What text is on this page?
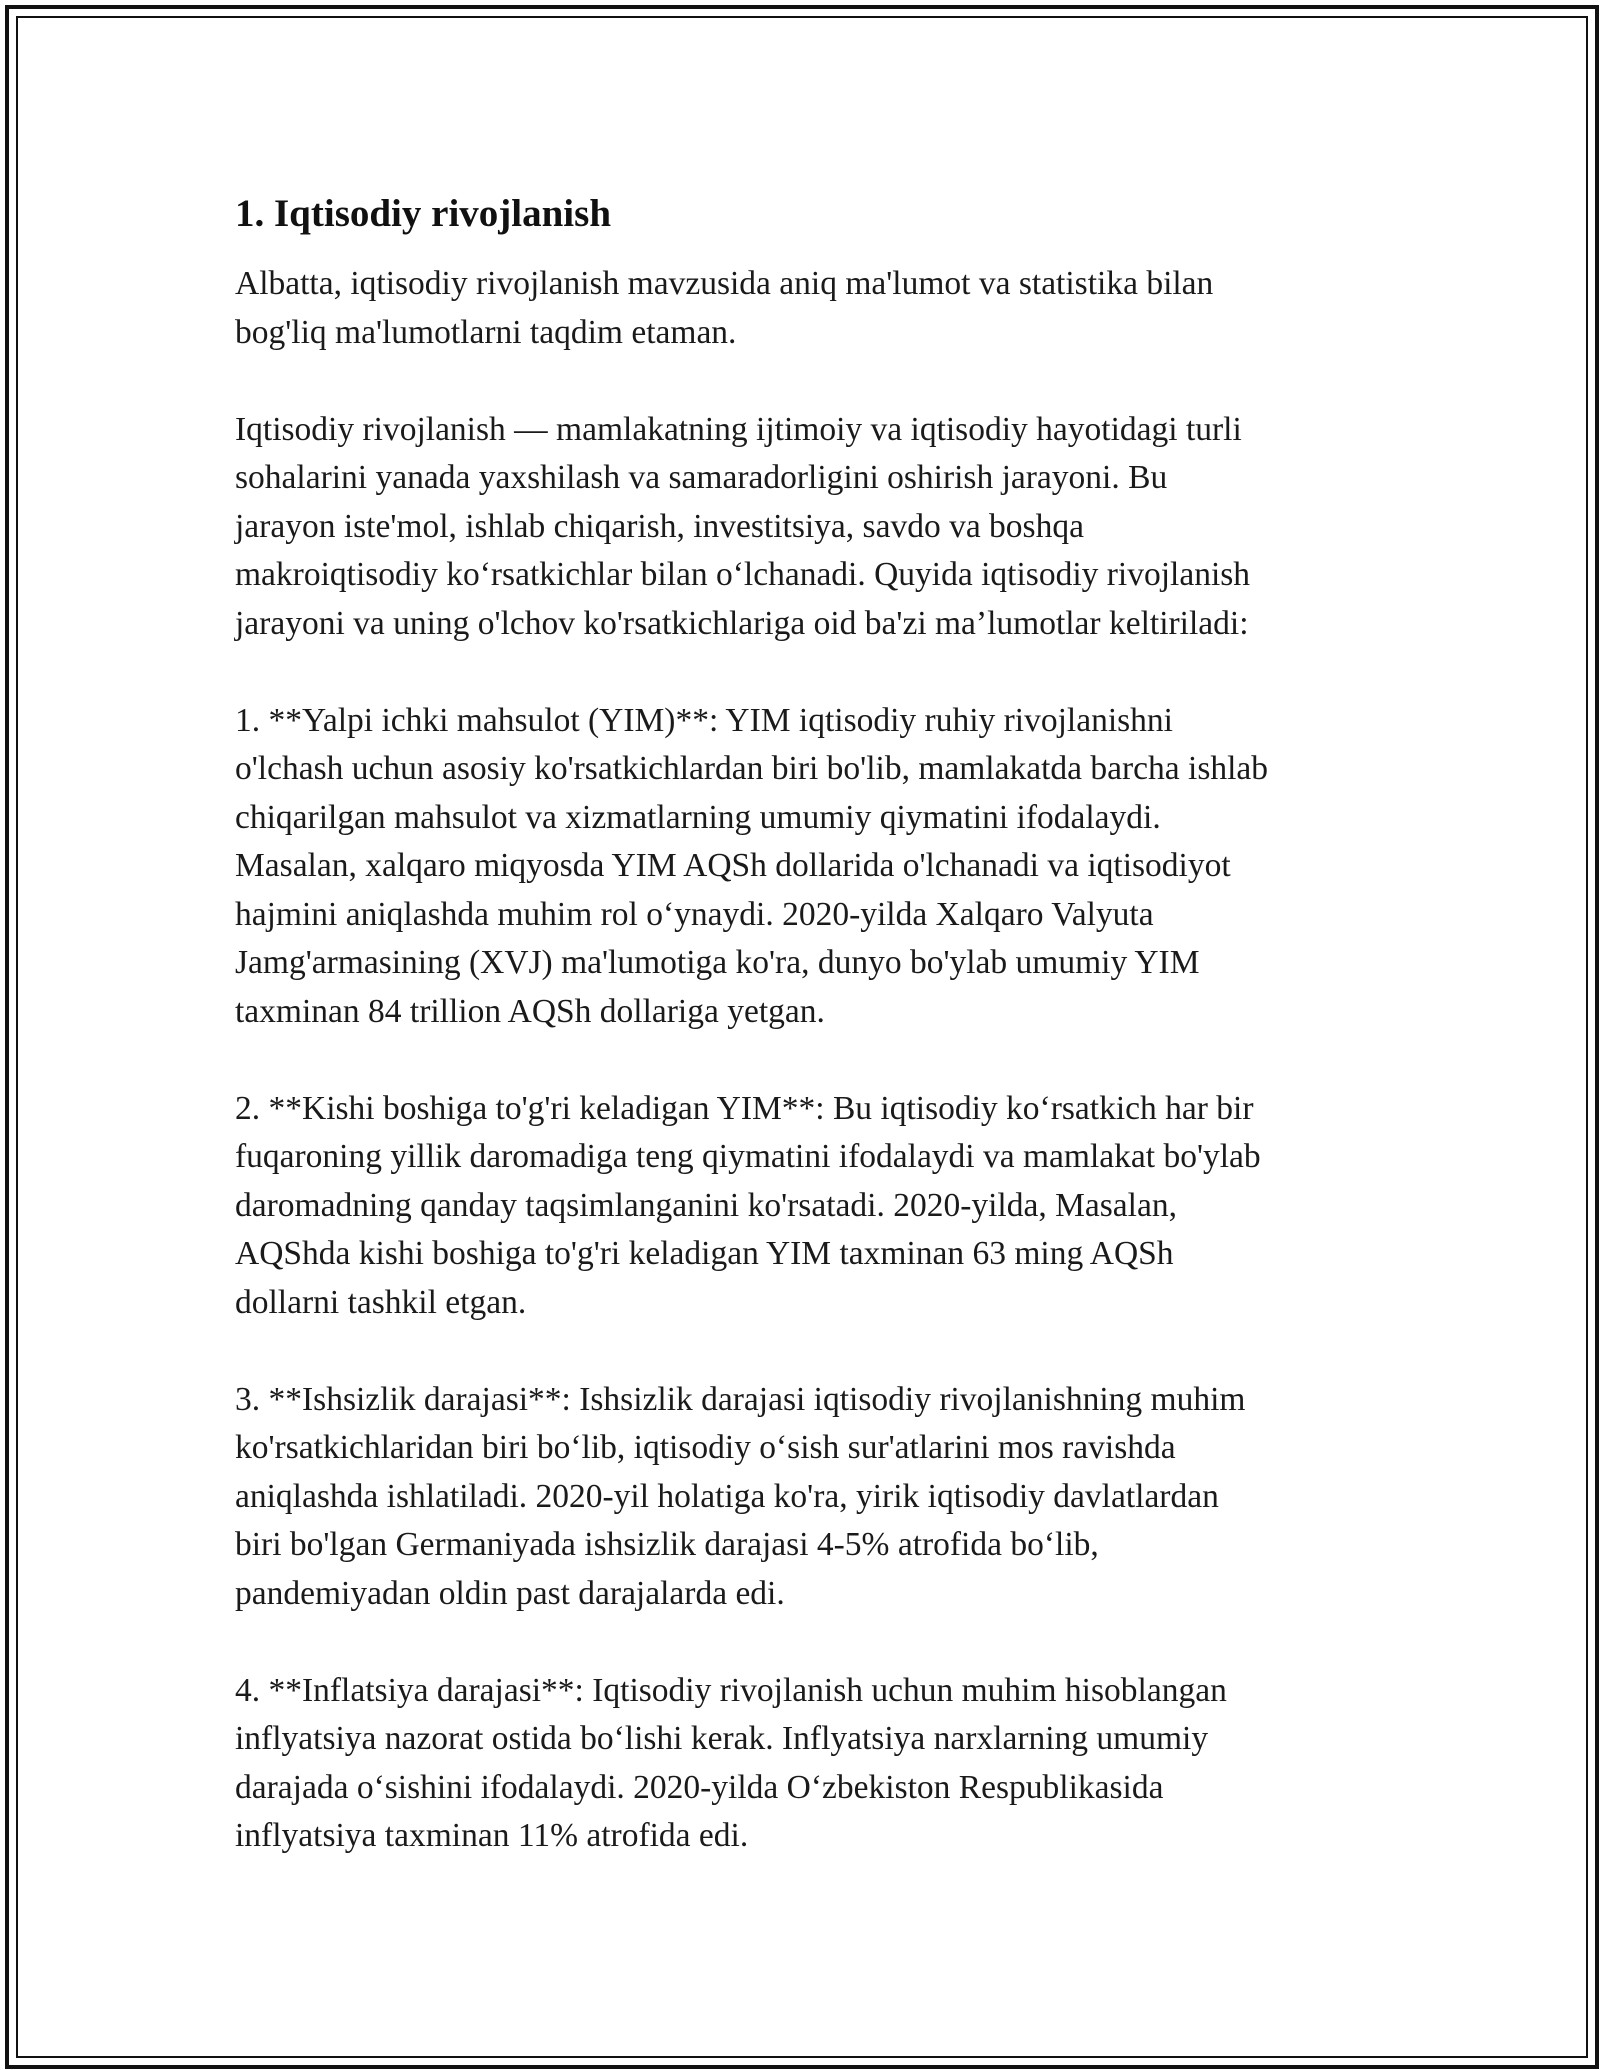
1. Iqtisodiy rivojlanish

Albatta, iqtisodiy rivojlanish mavzusida aniq ma'lumot va statistika bilan
bog'liq ma'lumotlarni taqdim etaman.

Iqtisodiy rivojlanish — mamlakatning ijtimoiy va iqtisodiy hayotidagi turli
sohalarini yanada yaxshilash va samaradorligini oshirish jarayoni. Bu
jarayon iste'mol, ishlab chiqarish, investitsiya, savdo va boshqa
makroiqtisodiy koʻrsatkichlar bilan oʻlchanadi. Quyida iqtisodiy rivojlanish
jarayoni va uning o'lchov ko'rsatkichlariga oid ba'zi ma’lumotlar keltiriladi:

1. **Yalpi ichki mahsulot (YIM)**: YIM iqtisodiy ruhiy rivojlanishni
o'lchash uchun asosiy ko'rsatkichlardan biri bo'lib, mamlakatda barcha ishlab
chiqarilgan mahsulot va xizmatlarning umumiy qiymatini ifodalaydi.
Masalan, xalqaro miqyosda YIM AQSh dollarida o'lchanadi va iqtisodiyot
hajmini aniqlashda muhim rol oʻynaydi. 2020-yilda Xalqaro Valyuta
Jamg'armasining (XVJ) ma'lumotiga ko'ra, dunyo bo'ylab umumiy YIM
taxminan 84 trillion AQSh dollariga yetgan.

2. **Kishi boshiga to'g'ri keladigan YIM**: Bu iqtisodiy koʻrsatkich har bir
fuqaroning yillik daromadiga teng qiymatini ifodalaydi va mamlakat bo'ylab
daromadning qanday taqsimlanganini ko'rsatadi. 2020-yilda, Masalan,
AQShda kishi boshiga to'g'ri keladigan YIM taxminan 63 ming AQSh
dollarni tashkil etgan.

3. **Ishsizlik darajasi**: Ishsizlik darajasi iqtisodiy rivojlanishning muhim
ko'rsatkichlaridan biri boʻlib, iqtisodiy oʻsish sur'atlarini mos ravishda
aniqlashda ishlatiladi. 2020-yil holatiga ko'ra, yirik iqtisodiy davlatlardan
biri bo'lgan Germaniyada ishsizlik darajasi 4-5% atrofida boʻlib,
pandemiyadan oldin past darajalarda edi.

4. **Inflatsiya darajasi**: Iqtisodiy rivojlanish uchun muhim hisoblangan
inflyatsiya nazorat ostida boʻlishi kerak. Inflyatsiya narxlarning umumiy
darajada oʻsishini ifodalaydi. 2020-yilda Oʻzbekiston Respublikasida
inflyatsiya taxminan 11% atrofida edi.
